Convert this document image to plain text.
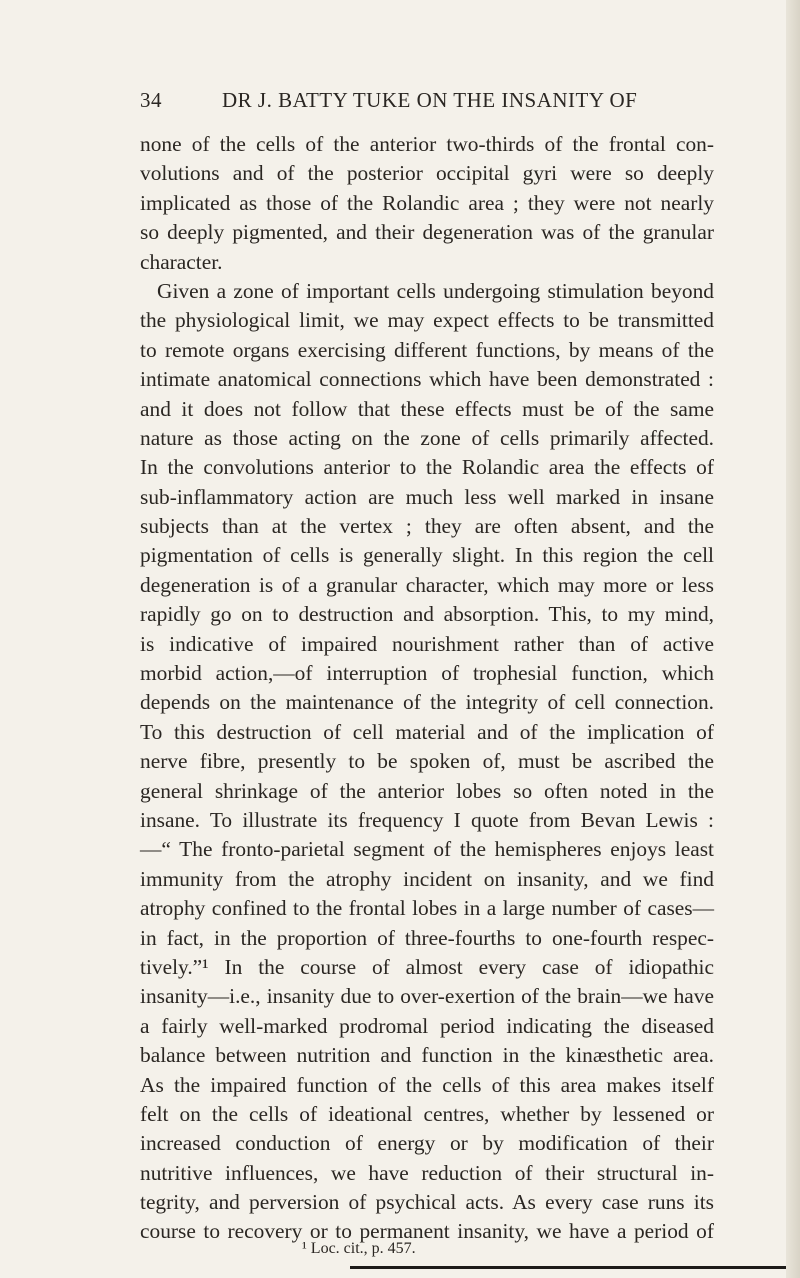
34	DR J. BATTY TUKE ON THE INSANITY OF
none of the cells of the anterior two-thirds of the frontal con-
volutions and of the posterior occipital gyri were so deeply
implicated as those of the Rolandic area ; they were not nearly
so deeply pigmented, and their degeneration was of the granular
character.
Given a zone of important cells undergoing stimulation beyond
the physiological limit, we may expect effects to be transmitted
to remote organs exercising different functions, by means of the
intimate anatomical connections which have been demonstrated :
and it does not follow that these effects must be of the same
nature as those acting on the zone of cells primarily affected.
In the convolutions anterior to the Rolandic area the effects of
sub-inflammatory action are much less well marked in insane
subjects than at the vertex ; they are often absent, and the
pigmentation of cells is generally slight. In this region the cell
degeneration is of a granular character, which may more or less
rapidly go on to destruction and absorption. This, to my mind,
is indicative of impaired nourishment rather than of active
morbid action,—of interruption of trophesial function, which
depends on the maintenance of the integrity of cell connection.
To this destruction of cell material and of the implication of
nerve fibre, presently to be spoken of, must be ascribed the
general shrinkage of the anterior lobes so often noted in the
insane. To illustrate its frequency I quote from Bevan Lewis :
—“ The fronto-parietal segment of the hemispheres enjoys least
immunity from the atrophy incident on insanity, and we find
atrophy confined to the frontal lobes in a large number of cases—
in fact, in the proportion of three-fourths to one-fourth respec-
tively.”¹ In the course of almost every case of idiopathic
insanity—i.e., insanity due to over-exertion of the brain—we have
a fairly well-marked prodromal period indicating the diseased
balance between nutrition and function in the kinæsthetic area.
As the impaired function of the cells of this area makes itself
felt on the cells of ideational centres, whether by lessened or
increased conduction of energy or by modification of their
nutritive influences, we have reduction of their structural in-
tegrity, and perversion of psychical acts. As every case runs its
course to recovery or to permanent insanity, we have a period of
¹ Loc. cit., p. 457.
